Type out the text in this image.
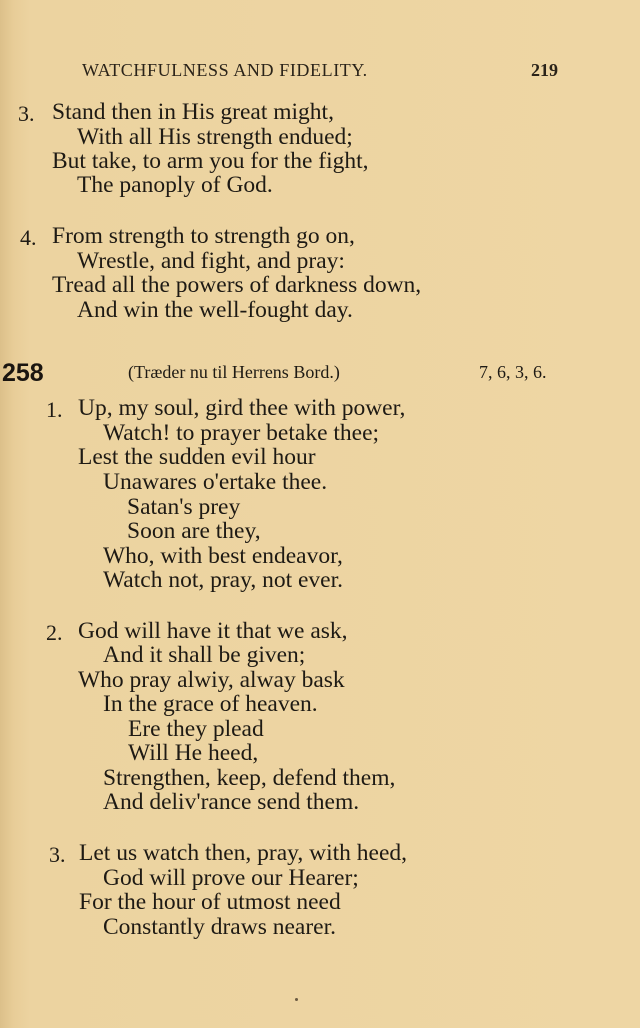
WATCHFULNESS AND FIDELITY.	219
3. Stand then in His great might,
With all His strength endued;
But take, to arm you for the fight,
The panoply of God.
4. From strength to strength go on,
Wrestle, and fight, and pray:
Tread all the powers of darkness down,
And win the well-fought day.
258	(Træder nu til Herrens Bord.)	7, 6, 3, 6.
1. Up, my soul, gird thee with power,
Watch! to prayer betake thee;
Lest the sudden evil hour
Unawares o'ertake thee.
Satan's prey
Soon are they,
Who, with best endeavor,
Watch not, pray, not ever.
2. God will have it that we ask,
And it shall be given;
Who pray alwiy, alway bask
In the grace of heaven.
Ere they plead
Will He heed,
Strengthen, keep, defend them,
And deliv'rance send them.
3. Let us watch then, pray, with heed,
God will prove our Hearer;
For the hour of utmost need
Constantly draws nearer.
